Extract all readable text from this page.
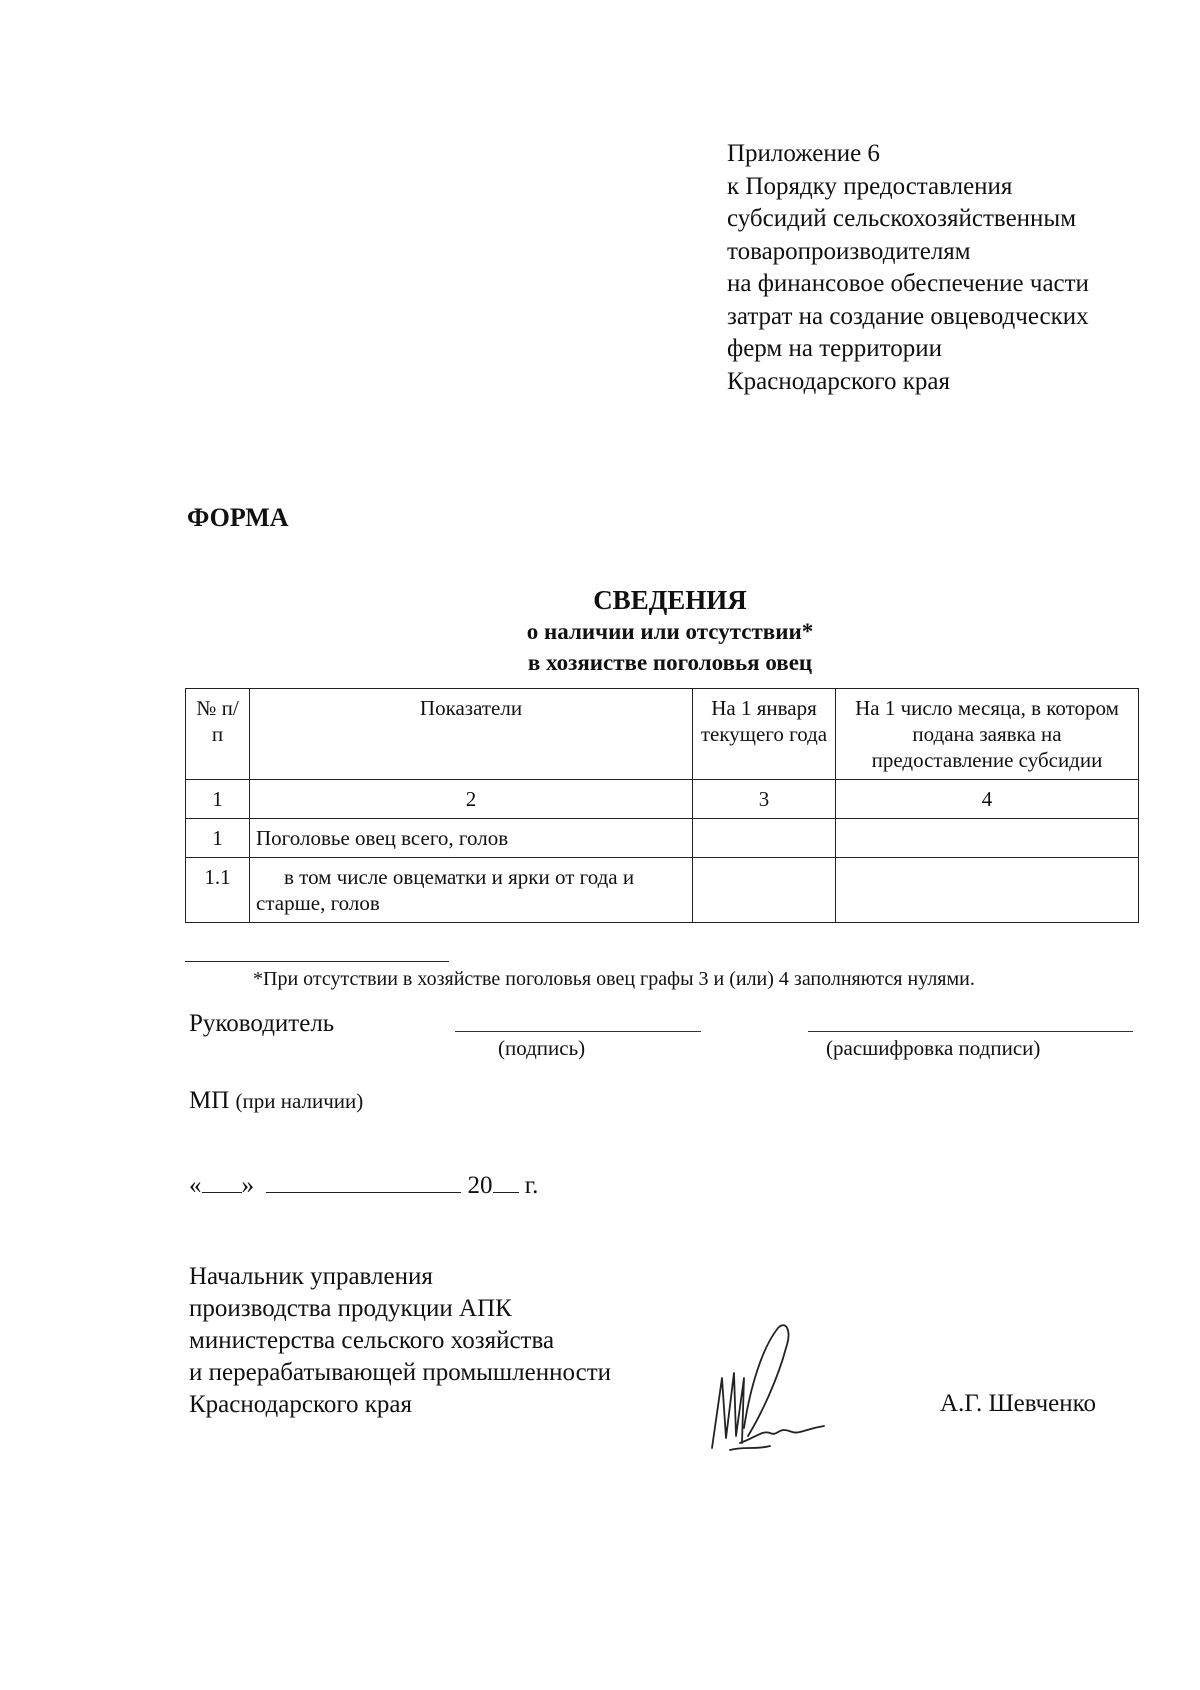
Приложение 6
к Порядку предоставления
субсидий сельскохозяйственным
товаропроизводителям
на финансовое обеспечение части
затрат на создание овцеводческих
ферм на территории
Краснодарского края
ФОРМА
СВЕДЕНИЯ
о наличии или отсутствии*
в хозяистве поголовья овец
№ п/п	Показатели	На 1 января текущего года	На 1 число месяца, в котором подана заявка на предоставление субсидии
1	2	3	4
1	Поголовье овец всего, голов		
1.1	в том числе овцематки и ярки от года и старше, голов		
*При отсутствии в хозяйстве поголовья овец графы 3 и (или) 4 заполняются нулями.
Руководитель
(подпись)	(расшифровка подписи)
МП (при наличии)
« »	20 г.
Начальник управления
производства продукции АПК
министерства сельского хозяйства
и перерабатывающей промышленности
Краснодарского края	А.Г. Шевченко
